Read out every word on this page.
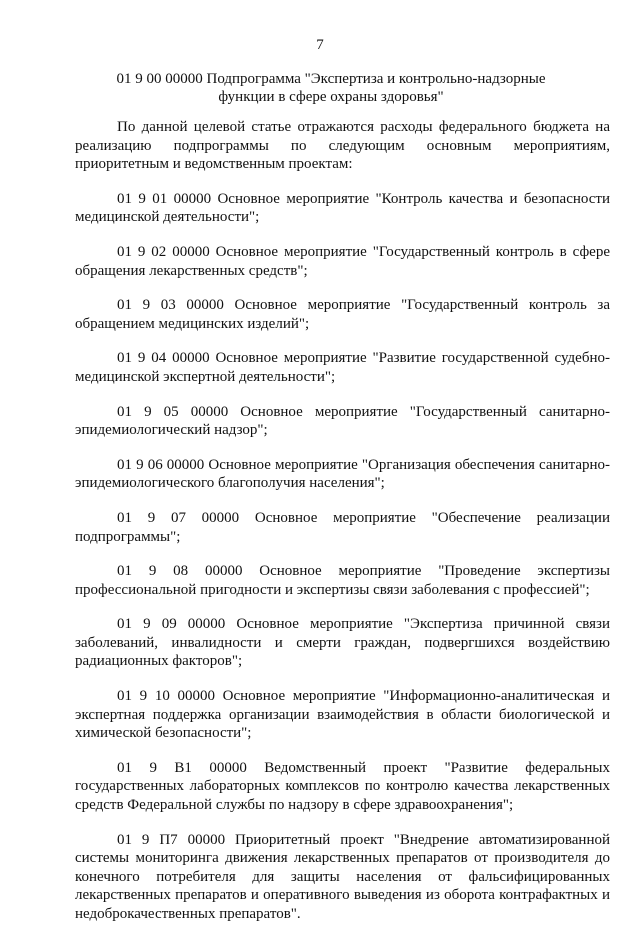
7
01 9 00 00000 Подпрограмма "Экспертиза и контрольно-надзорные
функции в сфере охраны здоровья"

По данной целевой статье отражаются расходы федерального бюджета на реализацию подпрограммы по следующим основным мероприятиям, приоритетным и ведомственным проектам:

01 9 01 00000 Основное мероприятие "Контроль качества и безопасности медицинской деятельности";

01 9 02 00000 Основное мероприятие "Государственный контроль в сфере обращения лекарственных средств";

01 9 03 00000 Основное мероприятие "Государственный контроль за обращением медицинских изделий";

01 9 04 00000 Основное мероприятие "Развитие государственной судебно-медицинской экспертной деятельности";

01 9 05 00000 Основное мероприятие "Государственный санитарно-эпидемиологический надзор";

01 9 06 00000 Основное мероприятие "Организация обеспечения санитарно-эпидемиологического благополучия населения";

01 9 07 00000 Основное мероприятие "Обеспечение реализации подпрограммы";

01 9 08 00000 Основное мероприятие "Проведение экспертизы профессиональной пригодности и экспертизы связи заболевания с профессией";

01 9 09 00000 Основное мероприятие "Экспертиза причинной связи заболеваний, инвалидности и смерти граждан, подвергшихся воздействию радиационных факторов";

01 9 10 00000 Основное мероприятие "Информационно-аналитическая и экспертная поддержка организации взаимодействия в области биологической и химической безопасности";

01 9 В1 00000 Ведомственный проект "Развитие федеральных государственных лабораторных комплексов по контролю качества лекарственных средств Федеральной службы по надзору в сфере здравоохранения";

01 9 П7 00000 Приоритетный проект "Внедрение автоматизированной системы мониторинга движения лекарственных препаратов от производителя до конечного потребителя для защиты населения от фальсифицированных лекарственных препаратов и оперативного выведения из оборота контрафактных и недоброкачественных препаратов".
